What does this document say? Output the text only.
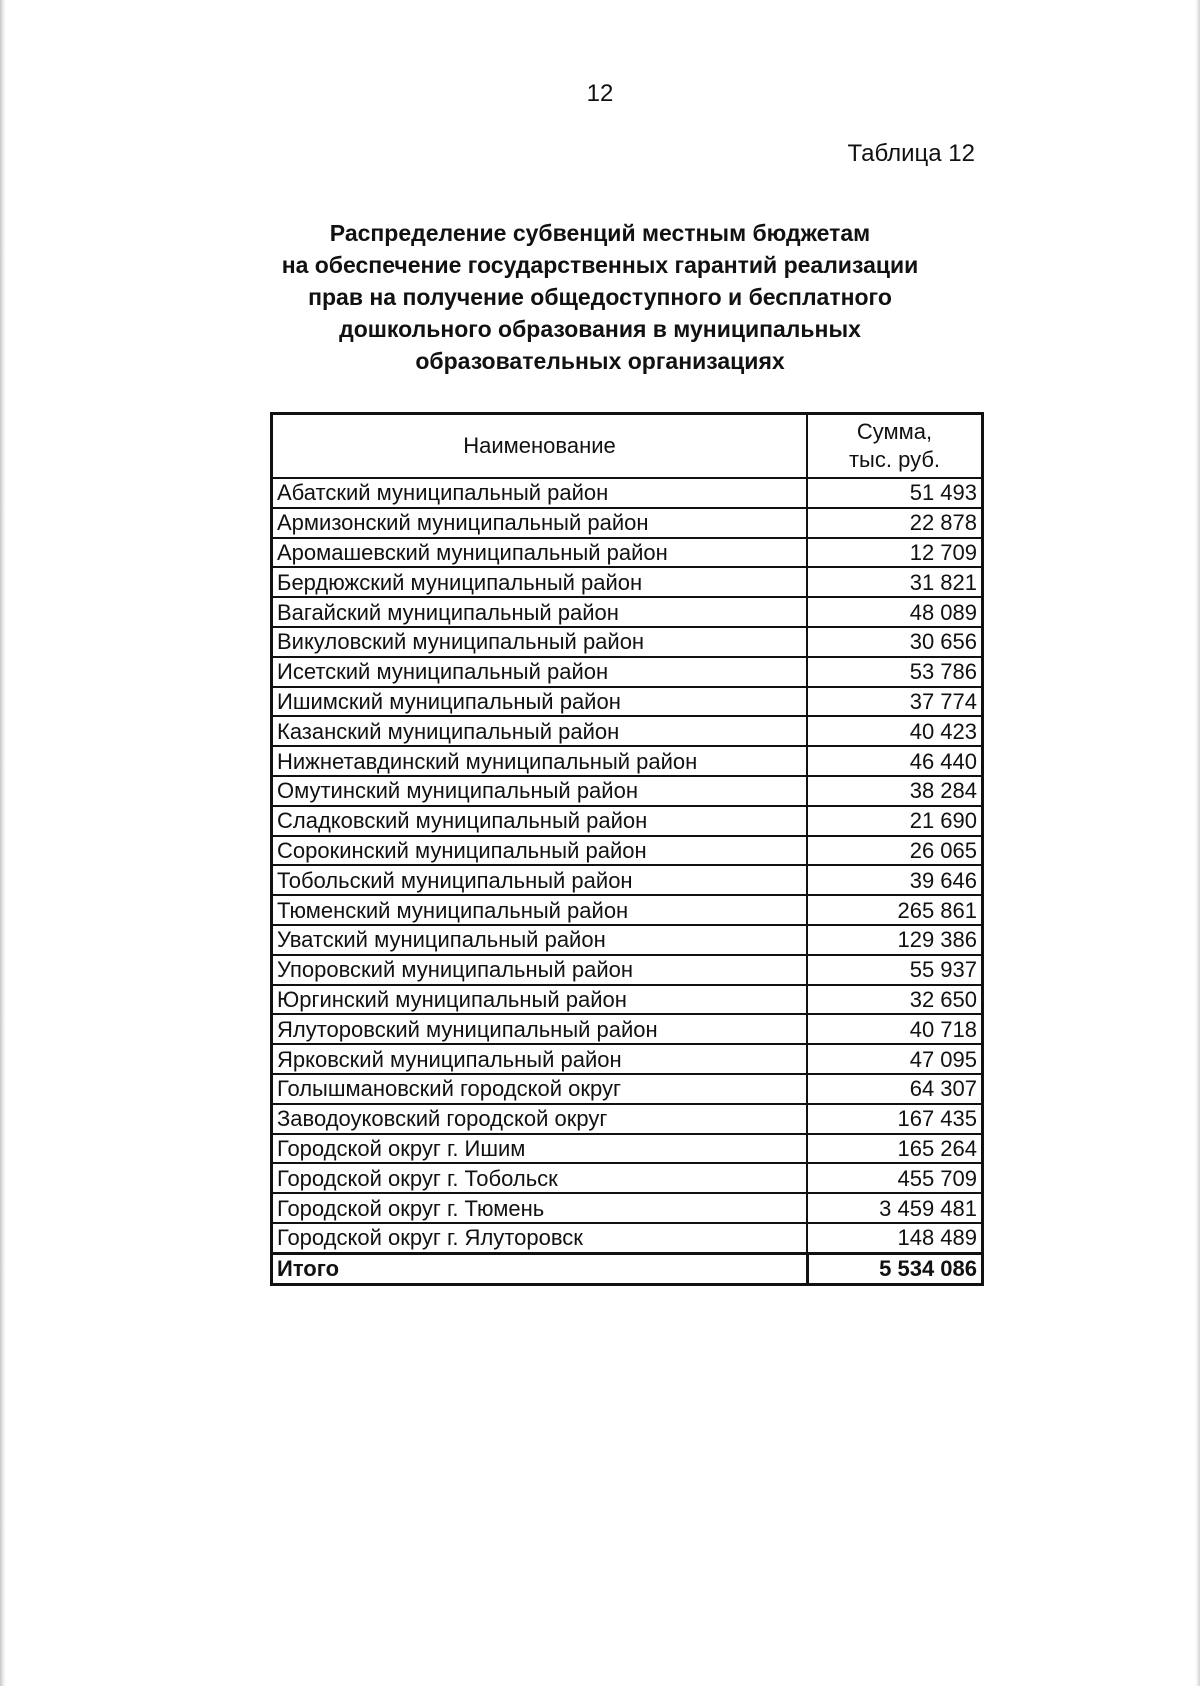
12
Таблица 12
Распределение субвенций местным бюджетам
на обеспечение государственных гарантий реализации
прав на получение общедоступного и бесплатного
дошкольного образования в муниципальных
образовательных организациях
Наименование	Сумма,
тыс. руб.

Абатский муниципальный район	51 493
Армизонский муниципальный район	22 878
Аромашевский муниципальный район	12 709
Бердюжский муниципальный район	31 821
Вагайский муниципальный район	48 089
Викуловский муниципальный район	30 656
Исетский муниципальный район	53 786
Ишимский муниципальный район	37 774
Казанский муниципальный район	40 423
Нижнетавдинский муниципальный район	46 440
Омутинский муниципальный район	38 284
Сладковский муниципальный район	21 690
Сорокинский муниципальный район	26 065
Тобольский муниципальный район	39 646
Тюменский муниципальный район	265 861
Уватский муниципальный район	129 386
Упоровский муниципальный район	55 937
Юргинский муниципальный район	32 650
Ялуторовский муниципальный район	40 718
Ярковский муниципальный район	47 095
Голышмановский городской округ	64 307
Заводоуковский городской округ	167 435
Городской округ г. Ишим	165 264
Городской округ г. Тобольск	455 709
Городской округ г. Тюмень	3 459 481
Городской округ г. Ялуторовск	148 489
Итого	5 534 086
